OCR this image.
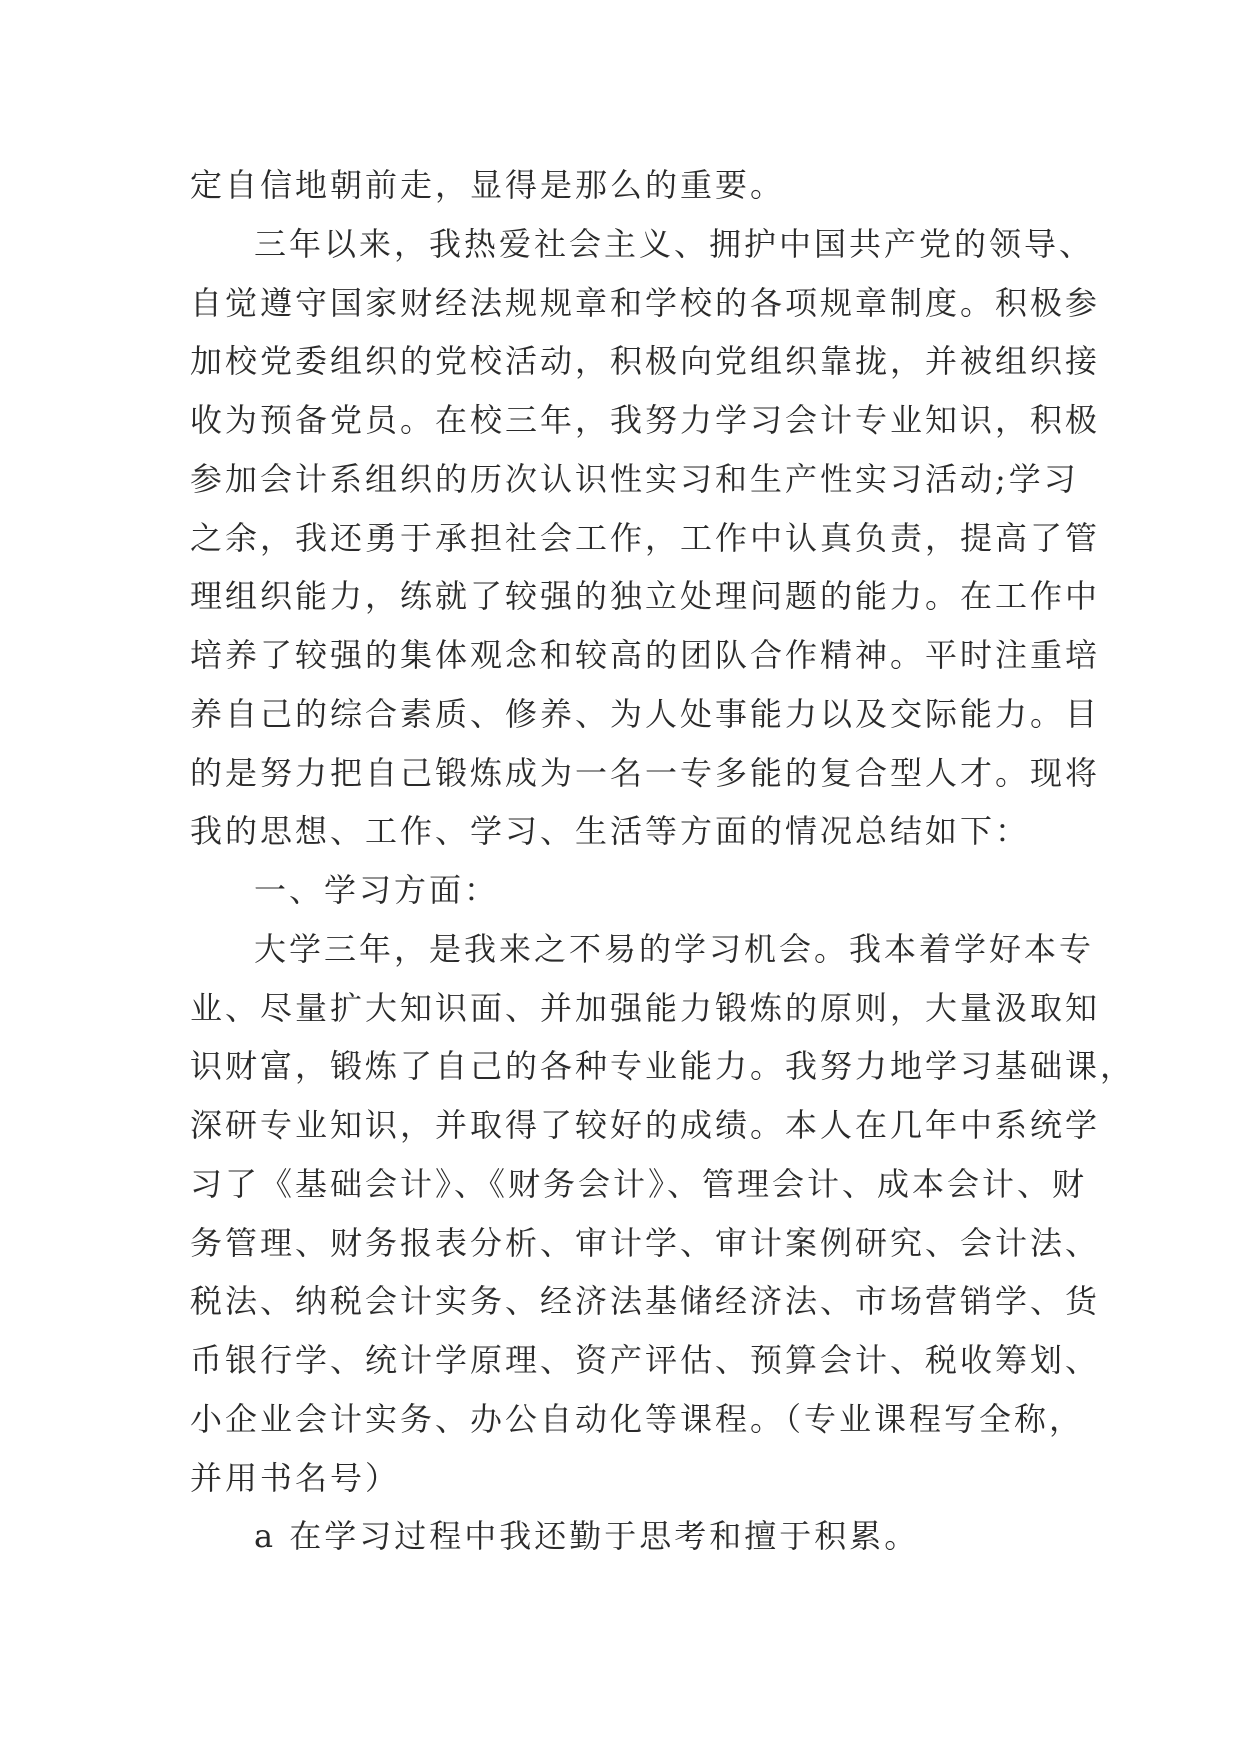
定自信地朝前走，显得是那么的重要。
三年以来，我热爱社会主义、拥护中国共产党的领导、
自觉遵守国家财经法规规章和学校的各项规章制度。积极参
加校党委组织的党校活动，积极向党组织靠拢，并被组织接
收为预备党员。在校三年，我努力学习会计专业知识，积极
参加会计系组织的历次认识性实习和生产性实习活动;学习
之余，我还勇于承担社会工作，工作中认真负责，提高了管
理组织能力，练就了较强的独立处理问题的能力。在工作中
培养了较强的集体观念和较高的团队合作精神。平时注重培
养自己的综合素质、修养、为人处事能力以及交际能力。目
的是努力把自己锻炼成为一名一专多能的复合型人才。现将
我的思想、工作、学习、生活等方面的情况总结如下：
一、学习方面：
大学三年，是我来之不易的学习机会。我本着学好本专
业、尽量扩大知识面、并加强能力锻炼的原则，大量汲取知
识财富，锻炼了自己的各种专业能力。我努力地学习基础课，
深研专业知识，并取得了较好的成绩。本人在几年中系统学
习了《基础会计》、《财务会计》、管理会计、成本会计、财
务管理、财务报表分析、审计学、审计案例研究、会计法、
税法、纳税会计实务、经济法基储经济法、市场营销学、货
币银行学、统计学原理、资产评估、预算会计、税收筹划、
小企业会计实务、办公自动化等课程。（专业课程写全称，
并用书名号）
a 在学习过程中我还勤于思考和擅于积累。
